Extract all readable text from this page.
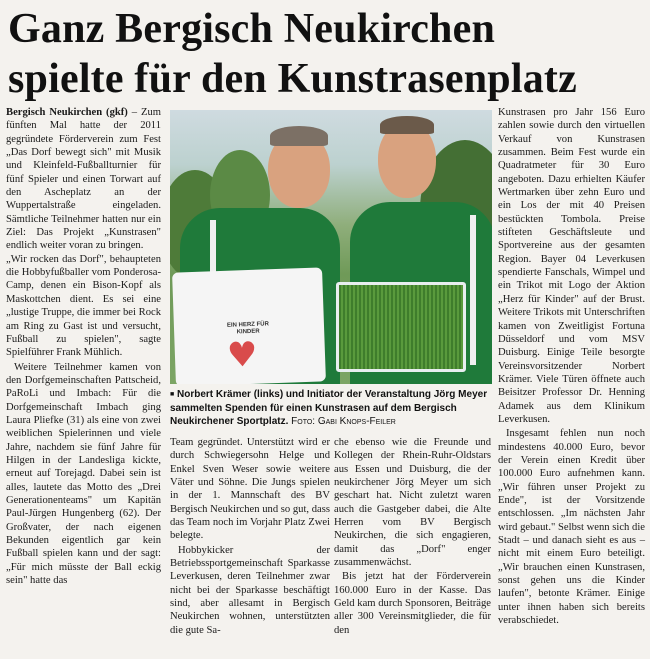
Ganz Bergisch Neukirchen
spielte für den Kunstrasenplatz
Bergisch Neukirchen (gkf) – Zum fünften Mal hatte der 2011 gegründete Förderverein zum Fest „Das Dorf bewegt sich" mit Musik und Kleinfeld-Fußballturnier für fünf Spieler und einen Torwart auf den Ascheplatz an der Wuppertalstraße eingeladen. Sämtliche Teilnehmer hatten nur ein Ziel: Das Projekt „Kunstrasen" endlich weiter voran zu bringen.

„Wir rocken das Dorf", behaupteten die Hobbyfußballer vom Ponderosa-Camp, denen ein Bison-Kopf als Maskottchen dient. Es sei eine „lustige Truppe, die immer bei Rock am Ring zu Gast ist und versucht, Fußball zu spielen", sagte Spielführer Frank Mühlich.

Weitere Teilnehmer kamen von den Dorfgemeinschaften Pattscheid, PaRoLi und Imbach: Für die Dorfgemeinschaft Imbach ging Laura Pliefke (31) als eine von zwei weiblichen Spielerinnen und viele Jahre, nachdem sie fünf Jahre für Hilgen in der Landesliga kickte, erneut auf Torejagd. Dabei sein ist alles, lautete das Motto des „Drei Generationenteams" um Kapitän Paul-Jürgen Hungenberg (62). Der Großvater, der nach eigenen Bekunden eigentlich gar kein Fußball spielen kann und der sagt: „Für mich müsste der Ball eckig sein" hatte das

EIN HERZ FÜR KINDER
♥
■ Norbert Krämer (links) und Initiator der Veranstaltung Jörg Meyer sammelten Spenden für einen Kunstrasen auf dem Bergisch Neukirchener Sportplatz. Foto: Gabi Knops-Feiler

Team gegründet. Unterstützt wird er durch Schwiegersohn Helge und Enkel Sven Weser sowie weitere Väter und Söhne. Die Jungs spielen in der 1. Mannschaft des BV Bergisch Neukirchen und so gut, dass das Team noch im Vorjahr Platz Zwei belegte.

Hobbykicker der Betriebssportgemeinschaft Sparkasse Leverkusen, deren Teilnehmer zwar nicht bei der Sparkasse beschäftigt sind, aber allesamt in Bergisch Neukirchen wohnen, unterstützten die gute Sa-

che ebenso wie die Freunde und Kollegen der Rhein-Ruhr-Oldstars aus Essen und Duisburg, die der neukirchener Jörg Meyer um sich geschart hat. Nicht zuletzt waren auch die Gastgeber dabei, die Alte Herren vom BV Bergisch Neukirchen, die sich engagieren, damit das „Dorf" enger zusammenwächst.

Bis jetzt hat der Förderverein 160.000 Euro in der Kasse. Das Geld kam durch Sponsoren, Beiträge aller 300 Vereinsmitglieder, die für den

Kunstrasen pro Jahr 156 Euro zahlen sowie durch den virtuellen Verkauf von Kunstrasen zusammen. Beim Fest wurde ein Quadratmeter für 30 Euro angeboten. Dazu erhielten Käufer Wertmarken über zehn Euro und ein Los der mit 40 Preisen bestückten Tombola. Preise stifteten Geschäftsleute und Sportvereine aus der gesamten Region. Bayer 04 Leverkusen spendierte Fanschals, Wimpel und ein Trikot mit Logo der Aktion „Herz für Kinder" auf der Brust. Weitere Trikots mit Unterschriften kamen von Zweitligist Fortuna Düsseldorf und vom MSV Duisburg. Einige Teile besorgte Vereinsvorsitzender Norbert Krämer. Viele Türen öffnete auch Beisitzer Professor Dr. Henning Adamek aus dem Klinikum Leverkusen.

Insgesamt fehlen nun noch mindestens 40.000 Euro, bevor der Verein einen Kredit über 100.000 Euro aufnehmen kann. „Wir führen unser Projekt zu Ende", ist der Vorsitzende entschlossen. „Im nächsten Jahr wird gebaut." Selbst wenn sich die Stadt – und danach sieht es aus – nicht mit einem Euro beteiligt. „Wir brauchen einen Kunstrasen, sonst gehen uns die Kinder laufen", betonte Krämer. Einige unter ihnen haben sich bereits verabschiedet.
